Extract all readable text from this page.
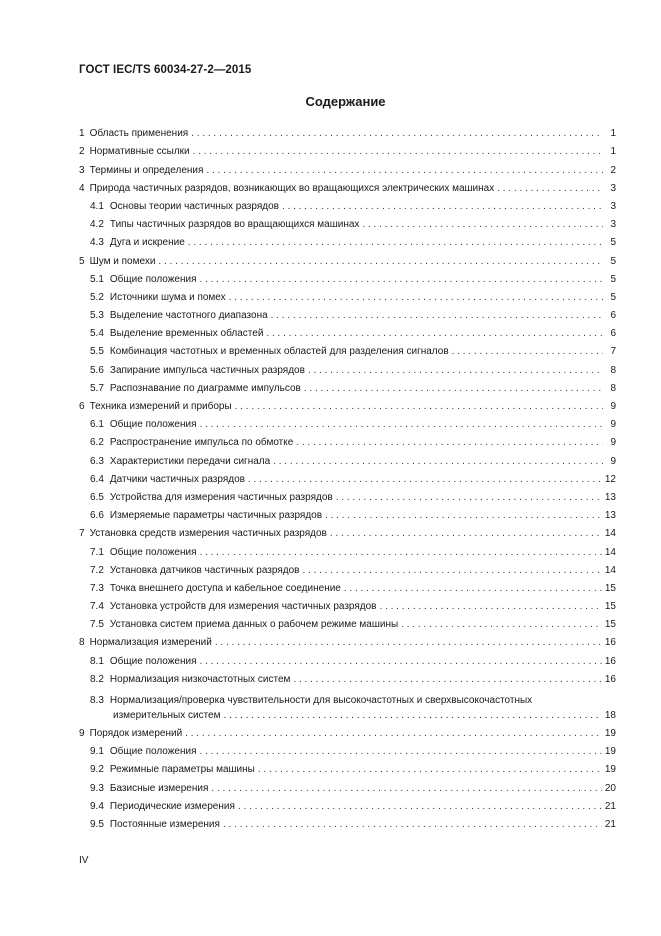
ГОСТ IEC/TS 60034-27-2—2015
Содержание
1 Область применения . . .	1
2 Нормативные ссылки . . .	1
3 Термины и определения . . .	2
4 Природа частичных разрядов, возникающих во вращающихся электрических машинах . . .	3
4.1 Основы теории частичных разрядов . . .	3
4.2 Типы частичных разрядов во вращающихся машинах . . .	3
4.3 Дуга и искрение . . .	5
5 Шум и помехи . . .	5
5.1 Общие положения . . .	5
5.2 Источники шума и помех . . .	5
5.3 Выделение частотного диапазона . . .	6
5.4 Выделение временных областей . . .	6
5.5 Комбинация частотных и временных областей для разделения сигналов . . .	7
5.6 Запирание импульса частичных разрядов . . .	8
5.7 Распознавание по диаграмме импульсов . . .	8
6 Техника измерений и приборы . . .	9
6.1 Общие положения . . .	9
6.2 Распространение импульса по обмотке . . .	9
6.3 Характеристики передачи сигнала . . .	9
6.4 Датчики частичных разрядов . . .	12
6.5 Устройства для измерения частичных разрядов . . .	13
6.6 Измеряемые параметры частичных разрядов . . .	13
7 Установка средств измерения частичных разрядов . . .	14
7.1 Общие положения . . .	14
7.2 Установка датчиков частичных разрядов . . .	14
7.3 Точка внешнего доступа и кабельное соединение . . .	15
7.4 Установка устройств для измерения частичных разрядов . . .	15
7.5 Установка систем приема данных о рабочем режиме машины . . .	15
8 Нормализация измерений . . .	16
8.1 Общие положения . . .	16
8.2 Нормализация низкочастотных систем . . .	16
8.3 Нормализация/проверка чувствительности для высокочастотных и сверхвысокочастотных
измерительных систем . . .	18
9 Порядок измерений . . .	19
9.1 Общие положения . . .	19
9.2 Режимные параметры машины . . .	19
9.3 Базисные измерения . . .	20
9.4 Периодические измерения . . .	21
9.5 Постоянные измерения . . .	21
IV
